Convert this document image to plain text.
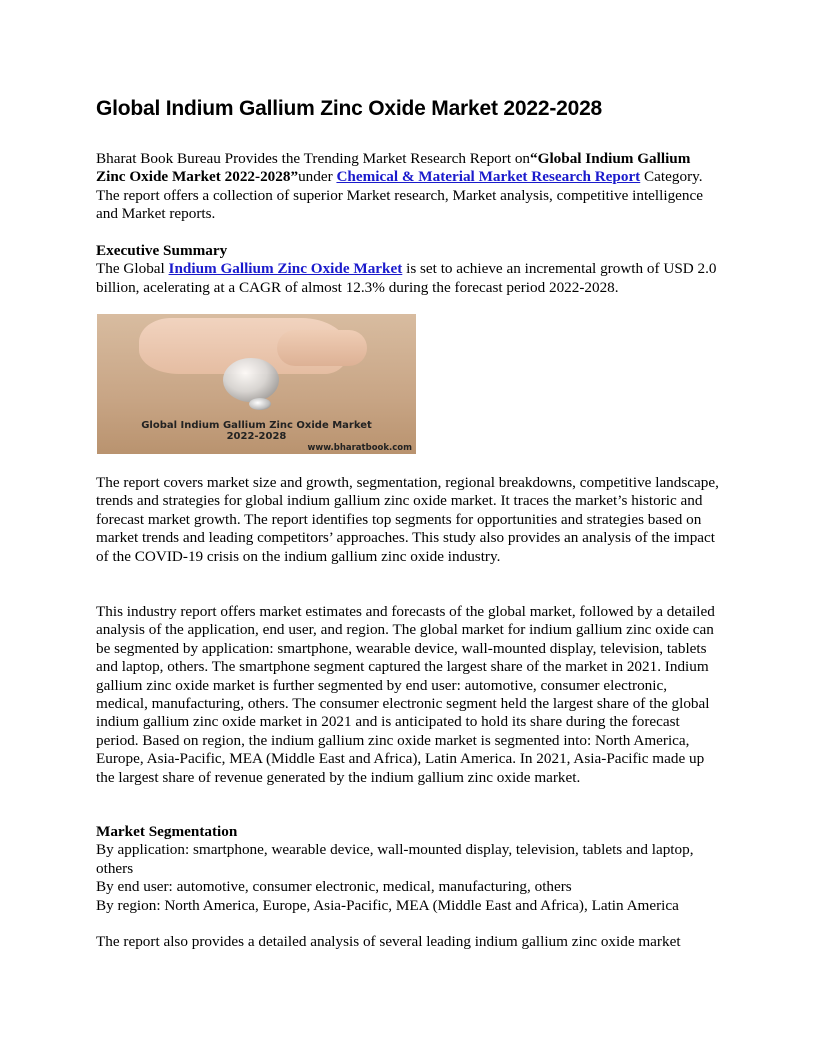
Global Indium Gallium Zinc Oxide Market 2022-2028

Bharat Book Bureau Provides the Trending Market Research Report on“Global Indium Gallium Zinc Oxide Market 2022-2028”under Chemical & Material Market Research Report Category. The report offers a collection of superior Market research, Market analysis, competitive intelligence and Market reports.

Executive Summary
The Global Indium Gallium Zinc Oxide Market is set to achieve an incremental growth of USD 2.0 billion, acelerating at a CAGR of almost 12.3% during the forecast period 2022-2028.

Global Indium Gallium Zinc Oxide Market
2022-2028
www.bharatbook.com

The report covers market size and growth, segmentation, regional breakdowns, competitive landscape, trends and strategies for global indium gallium zinc oxide market. It traces the market’s historic and forecast market growth. The report identifies top segments for opportunities and strategies based on market trends and leading competitors’ approaches. This study also provides an analysis of the impact of the COVID-19 crisis on the indium gallium zinc oxide industry.

This industry report offers market estimates and forecasts of the global market, followed by a detailed analysis of the application, end user, and region. The global market for indium gallium zinc oxide can be segmented by application: smartphone, wearable device, wall-mounted display, television, tablets and laptop, others. The smartphone segment captured the largest share of the market in 2021. Indium gallium zinc oxide market is further segmented by end user: automotive, consumer electronic, medical, manufacturing, others. The consumer electronic segment held the largest share of the global indium gallium zinc oxide market in 2021 and is anticipated to hold its share during the forecast period. Based on region, the indium gallium zinc oxide market is segmented into: North America, Europe, Asia-Pacific, MEA (Middle East and Africa), Latin America. In 2021, Asia-Pacific made up the largest share of revenue generated by the indium gallium zinc oxide market.

Market Segmentation
By application: smartphone, wearable device, wall-mounted display, television, tablets and laptop, others
By end user: automotive, consumer electronic, medical, manufacturing, others
By region: North America, Europe, Asia-Pacific, MEA (Middle East and Africa), Latin America

The report also provides a detailed analysis of several leading indium gallium zinc oxide market
